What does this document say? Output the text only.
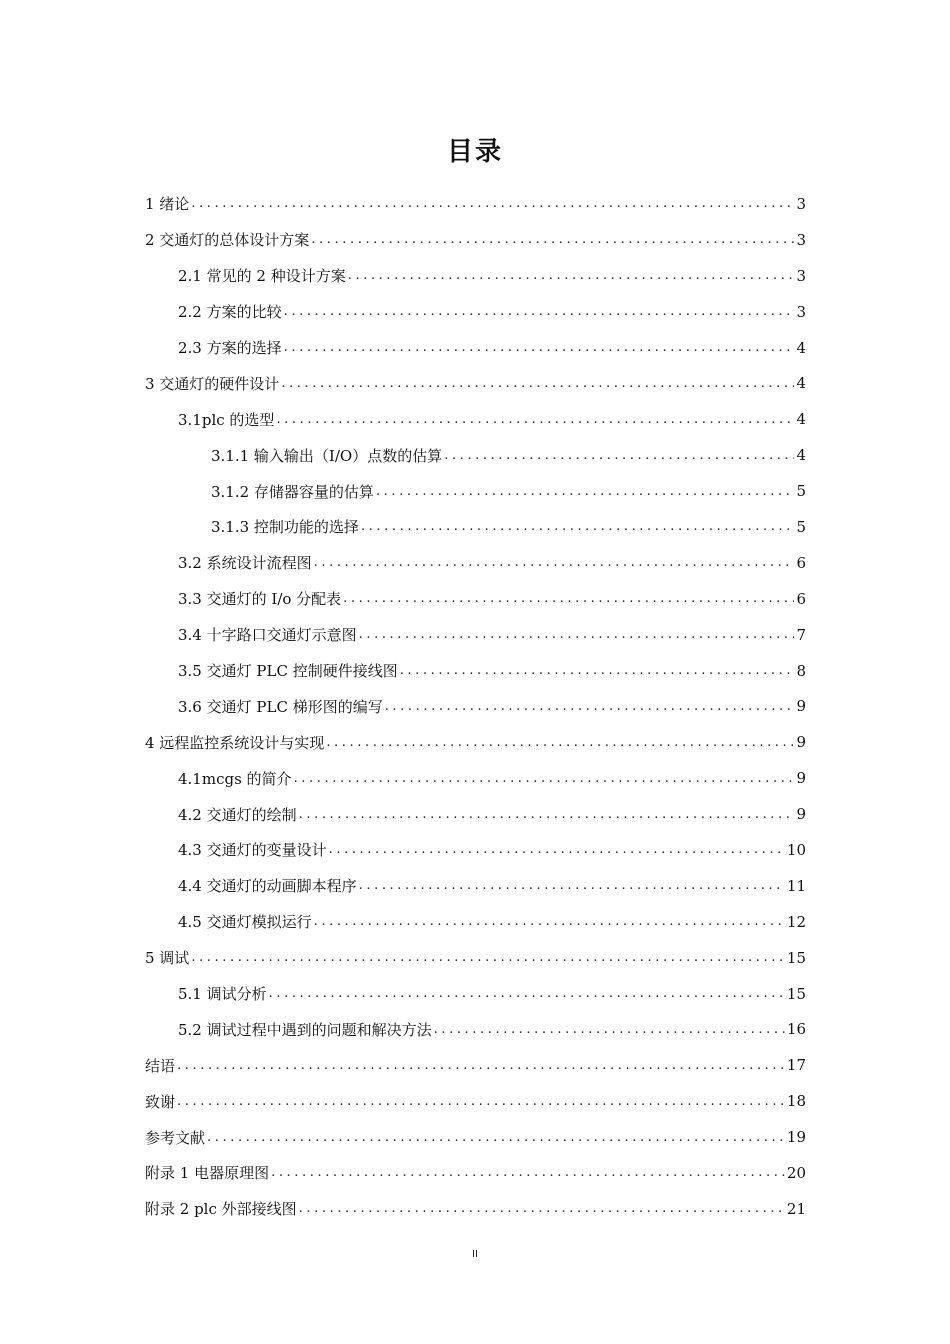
目录
1 绪论 .....	3
2 交通灯的总体设计方案 .....	3
2.1 常见的 2 种设计方案 .....	3
2.2 方案的比较 .....	3
2.3 方案的选择 .....	4
3 交通灯的硬件设计 .....	4
3.1plc 的选型 .....	4
3.1.1 输入输出（I/O）点数的估算 .....	4
3.1.2 存储器容量的估算 .....	5
3.1.3 控制功能的选择 .....	5
3.2 系统设计流程图 .....	6
3.3 交通灯的 I/o 分配表 .....	6
3.4 十字路口交通灯示意图 .....	7
3.5 交通灯 PLC 控制硬件接线图 .....	8
3.6 交通灯 PLC 梯形图的编写 .....	9
4 远程监控系统设计与实现 .....	9
4.1mcgs 的简介 .....	9
4.2 交通灯的绘制 .....	9
4.3 交通灯的变量设计 .....	10
4.4 交通灯的动画脚本程序 .....	11
4.5 交通灯模拟运行 .....	12
5 调试 .....	15
5.1 调试分析 .....	15
5.2 调试过程中遇到的问题和解决方法 .....	16
结语 .....	17
致谢 .....	18
参考文献 .....	19
附录 1 电器原理图 .....	20
附录 2 plc 外部接线图 .....	21
II
